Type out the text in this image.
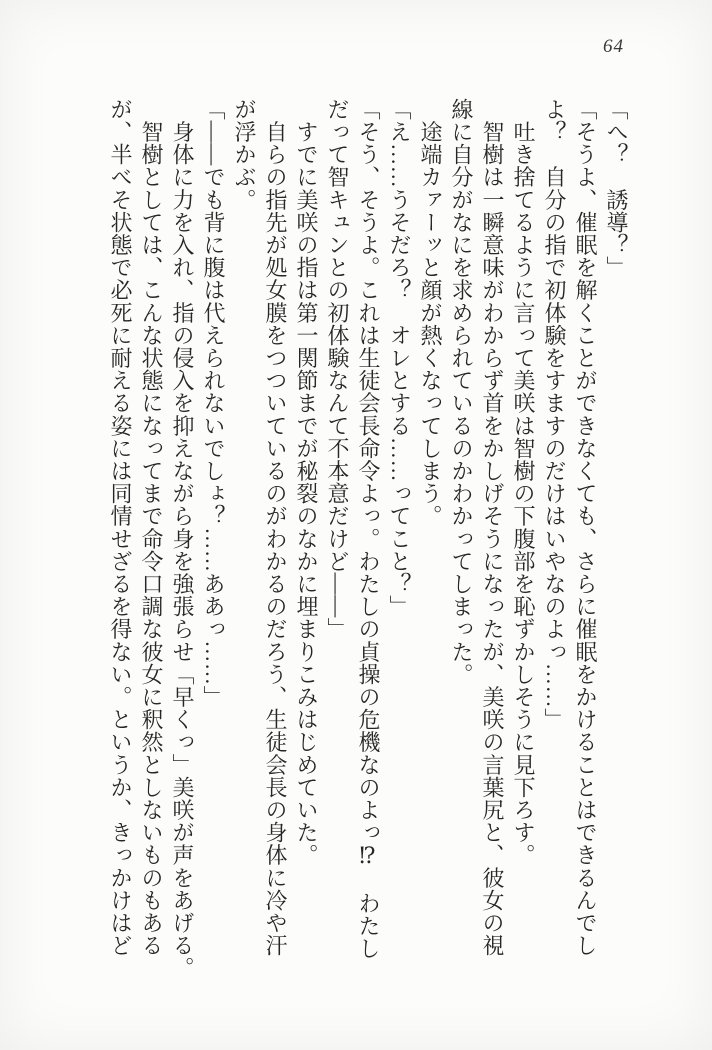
64
「へ？　誘導？」
「そうよ、催眠を解くことができなくても、さらに催眠をかけることはできるんでし
よ？　自分の指で初体験をすますのだけはいやなのよっ……」
　吐き捨てるように言って美咲は智樹の下腹部を恥ずかしそうに見下ろす。
　智樹は一瞬意味がわからず首をかしげそうになったが、美咲の言葉尻と、彼女の視
線に自分がなにを求められているのかわかってしまった。
　途端カァーッと顔が熱くなってしまう。
「え……うそだろ？　オレとする……ってこと？」
「そう、そうよ。これは生徒会長命令よっ。わたしの貞操の危機なのよっ⁉　わたし
だって智キュンとの初体験なんて不本意だけど――」
　すでに美咲の指は第一関節までが秘裂のなかに埋まりこみはじめていた。
　自らの指先が処女膜をつついているのがわかるのだろう、生徒会長の身体に冷や汗
が浮かぶ。
「――でも背に腹は代えられないでしょ？……ああっ……」
　身体に力を入れ、指の侵入を抑えながら身を強張らせ「早くっ」美咲が声をあげる。
　智樹としては、こんな状態になってまで命令口調な彼女に釈然としないものもある
が、半べそ状態で必死に耐える姿には同情せざるを得ない。というか、きっかけはど
